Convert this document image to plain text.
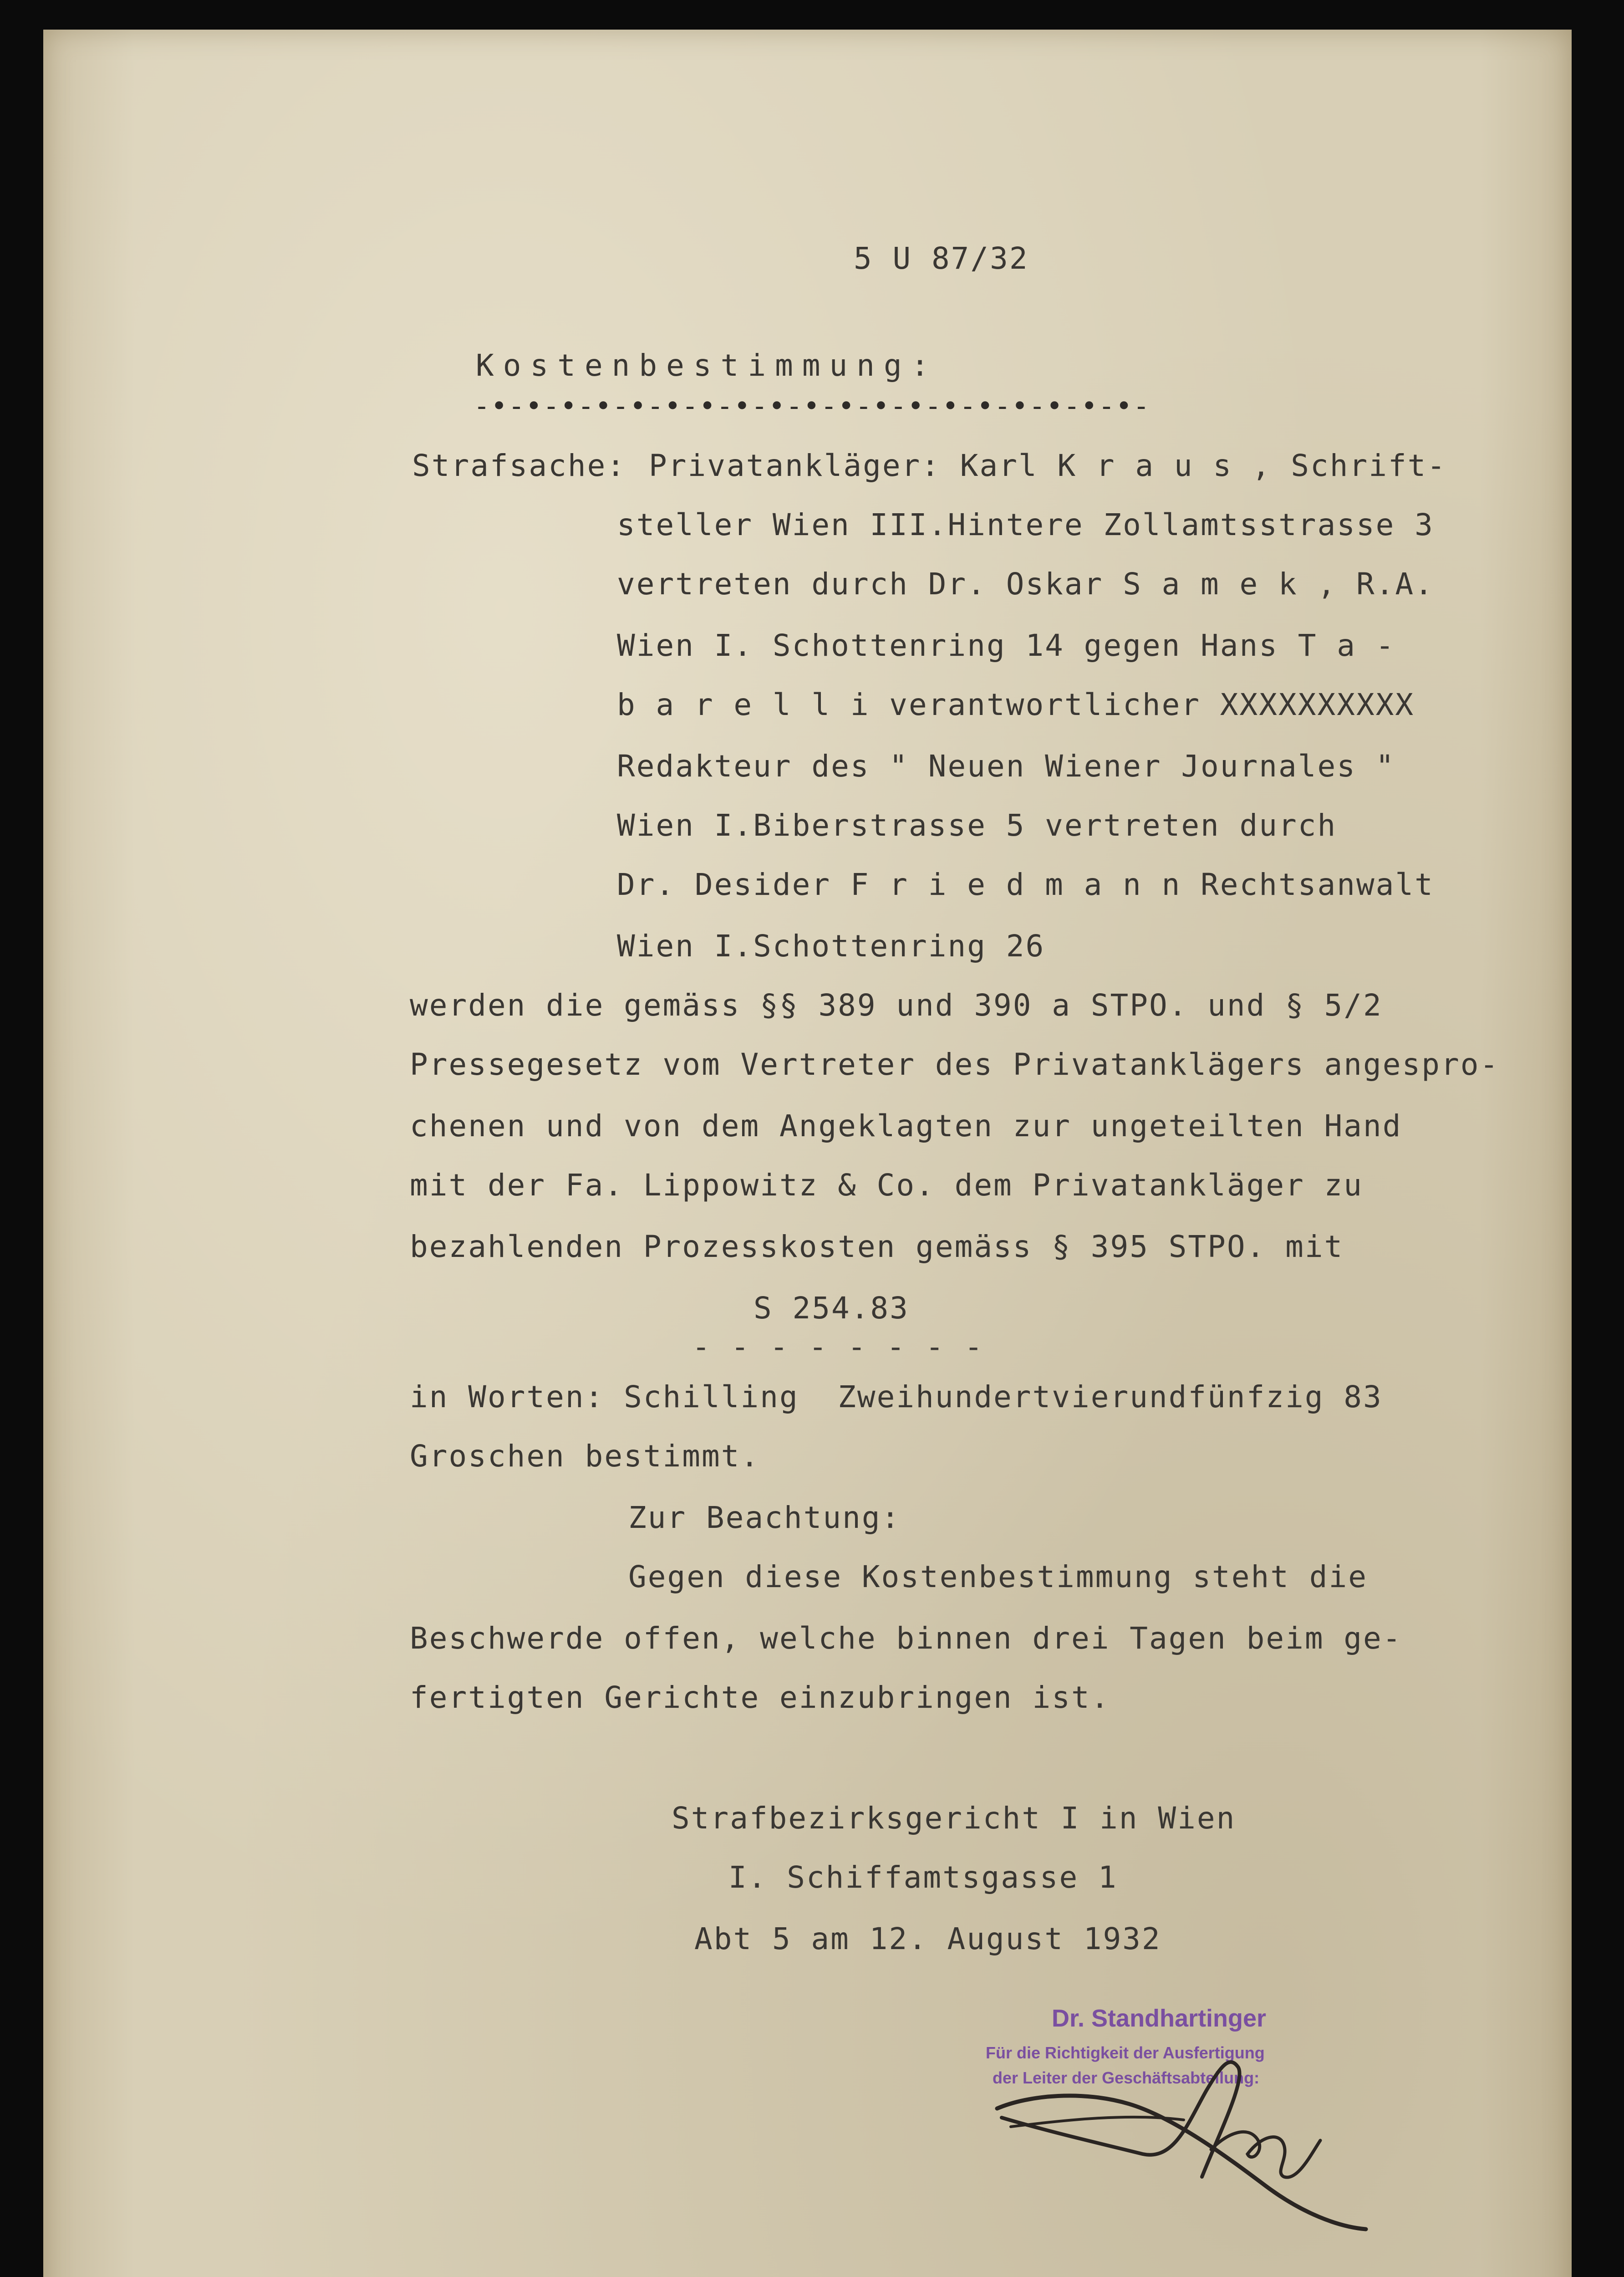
5 U 87/32

Kostenbestimmung:

-•-•-•-•-•-•-•-•-•-•-•-•-•-•-•-•-•-•-•-

Strafsache: Privatankläger: Karl K r a u s , Schrift-

steller Wien III.Hintere Zollamtsstrasse 3

vertreten durch Dr. Oskar S a m e k , R.A.

Wien I. Schottenring 14 gegen Hans T a -

b a r e l l i verantwortlicher XXXXXXXXXX

Redakteur des " Neuen Wiener Journales "

Wien I.Biberstrasse 5 vertreten durch

Dr. Desider F r i e d m a n n Rechtsanwalt

Wien I.Schottenring 26

werden die gemäss §§ 389 und 390 a STPO. und § 5/2

Pressegesetz vom Vertreter des Privatanklägers angespro-

chenen und von dem Angeklagten zur ungeteilten Hand

mit der Fa. Lippowitz & Co. dem Privatankläger zu

bezahlenden Prozesskosten gemäss § 395 STPO. mit

S 254.83

- - - - - - - -

in Worten: Schilling  Zweihundertvierundfünfzig 83

Groschen bestimmt.

Zur Beachtung:

Gegen diese Kostenbestimmung steht die

Beschwerde offen, welche binnen drei Tagen beim ge-

fertigten Gerichte einzubringen ist.

Strafbezirksgericht I in Wien

I. Schiffamtsgasse 1

Abt 5 am 12. August 1932

Dr. Standhartinger

Für die Richtigkeit der Ausfertigung

der Leiter der Geschäftsabteilung:
